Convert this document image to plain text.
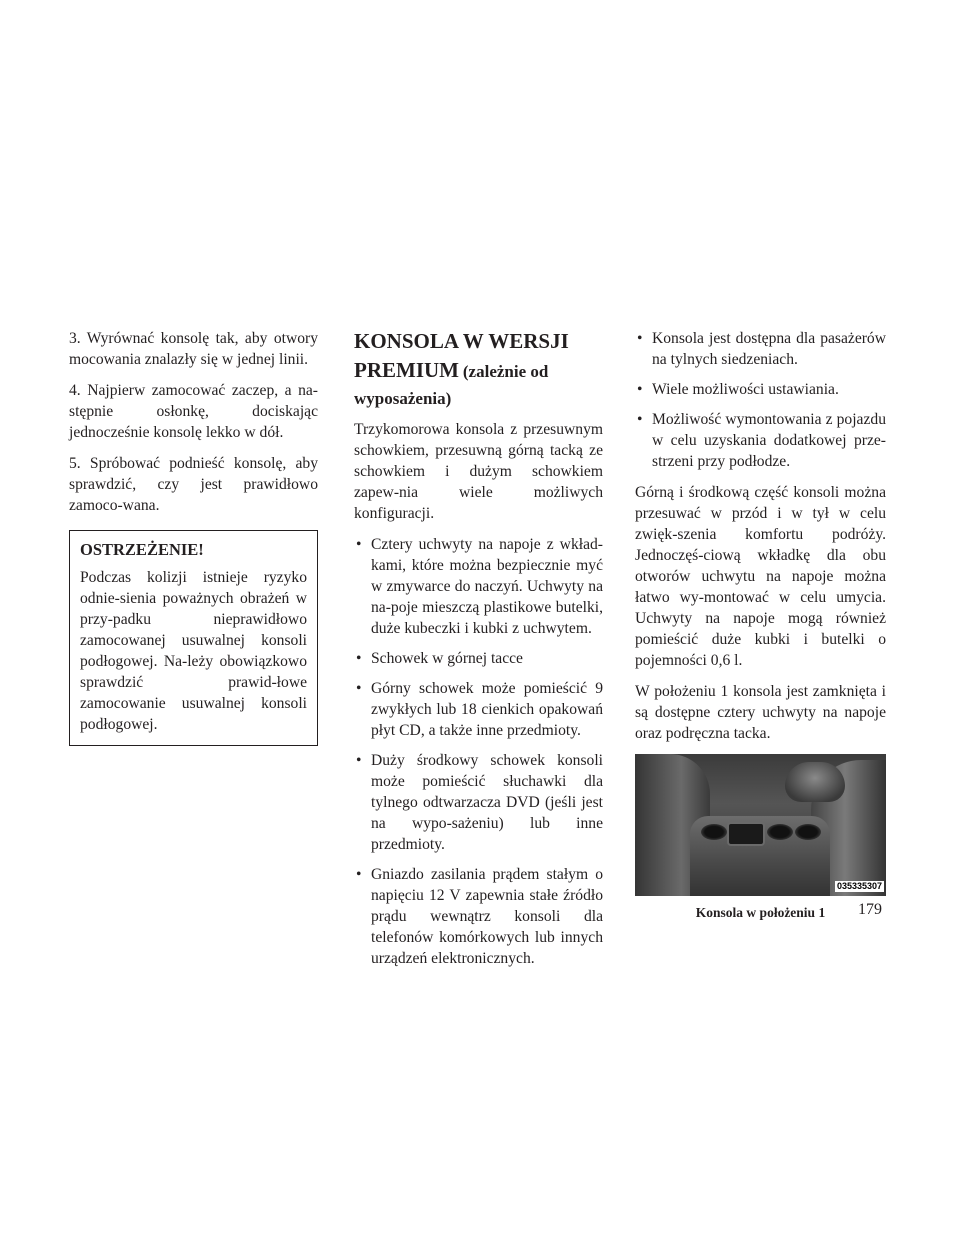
3. Wyrównać konsolę tak, aby otwory mocowania znalazły się w jednej linii.

4. Najpierw zamocować zaczep, a na-stępnie osłonkę, dociskając jednocześnie konsolę lekko w dół.

5. Spróbować podnieść konsolę, aby sprawdzić, czy jest prawidłowo zamoco-wana.

OSTRZEŻENIE!

Podczas kolizji istnieje ryzyko odnie-sienia poważnych obrażeń w przy-padku nieprawidłowo zamocowanej usuwalnej konsoli podłogowej. Na-leży obowiązkowo sprawdzić prawid-łowe zamocowanie usuwalnej konsoli podłogowej.

KONSOLA W WERSJI PREMIUM (zależnie od wyposażenia)

Trzykomorowa konsola z przesuwnym schowkiem, przesuwną górną tacką ze schowkiem i dużym schowkiem zapew-nia wiele możliwych konfiguracji.

• Cztery uchwyty na napoje z wkład-kami, które można bezpiecznie myć w zmywarce do naczyń. Uchwyty na na-poje mieszczą plastikowe butelki, duże kubeczki i kubki z uchwytem.
• Schowek w górnej tacce
• Górny schowek może pomieścić 9 zwykłych lub 18 cienkich opakowań płyt CD, a także inne przedmioty.
• Duży środkowy schowek konsoli może pomieścić słuchawki dla tylnego odtwarzacza DVD (jeśli jest na wypo-sażeniu) lub inne przedmioty.
• Gniazdo zasilania prądem stałym o napięciu 12 V zapewnia stałe źródło prądu wewnątrz konsoli dla telefonów komórkowych lub innych urządzeń elektronicznych.
• Konsola jest dostępna dla pasażerów na tylnych siedzeniach.
• Wiele możliwości ustawiania.
• Możliwość wymontowania z pojazdu w celu uzyskania dodatkowej prze-strzeni przy podłodze.

Górną i środkową część konsoli można przesuwać w przód i w tył w celu zwięk-szenia komfortu podróży. Jednoczęś-ciową wkładkę dla obu otworów uchwytu na napoje można łatwo wy-montować w celu umycia. Uchwyty na napoje mogą również pomieścić duże kubki i butelki o pojemności 0,6 l.

W położeniu 1 konsola jest zamknięta i są dostępne cztery uchwyty na napoje oraz podręczna tacka.

035335307
Konsola w położeniu 1	179
